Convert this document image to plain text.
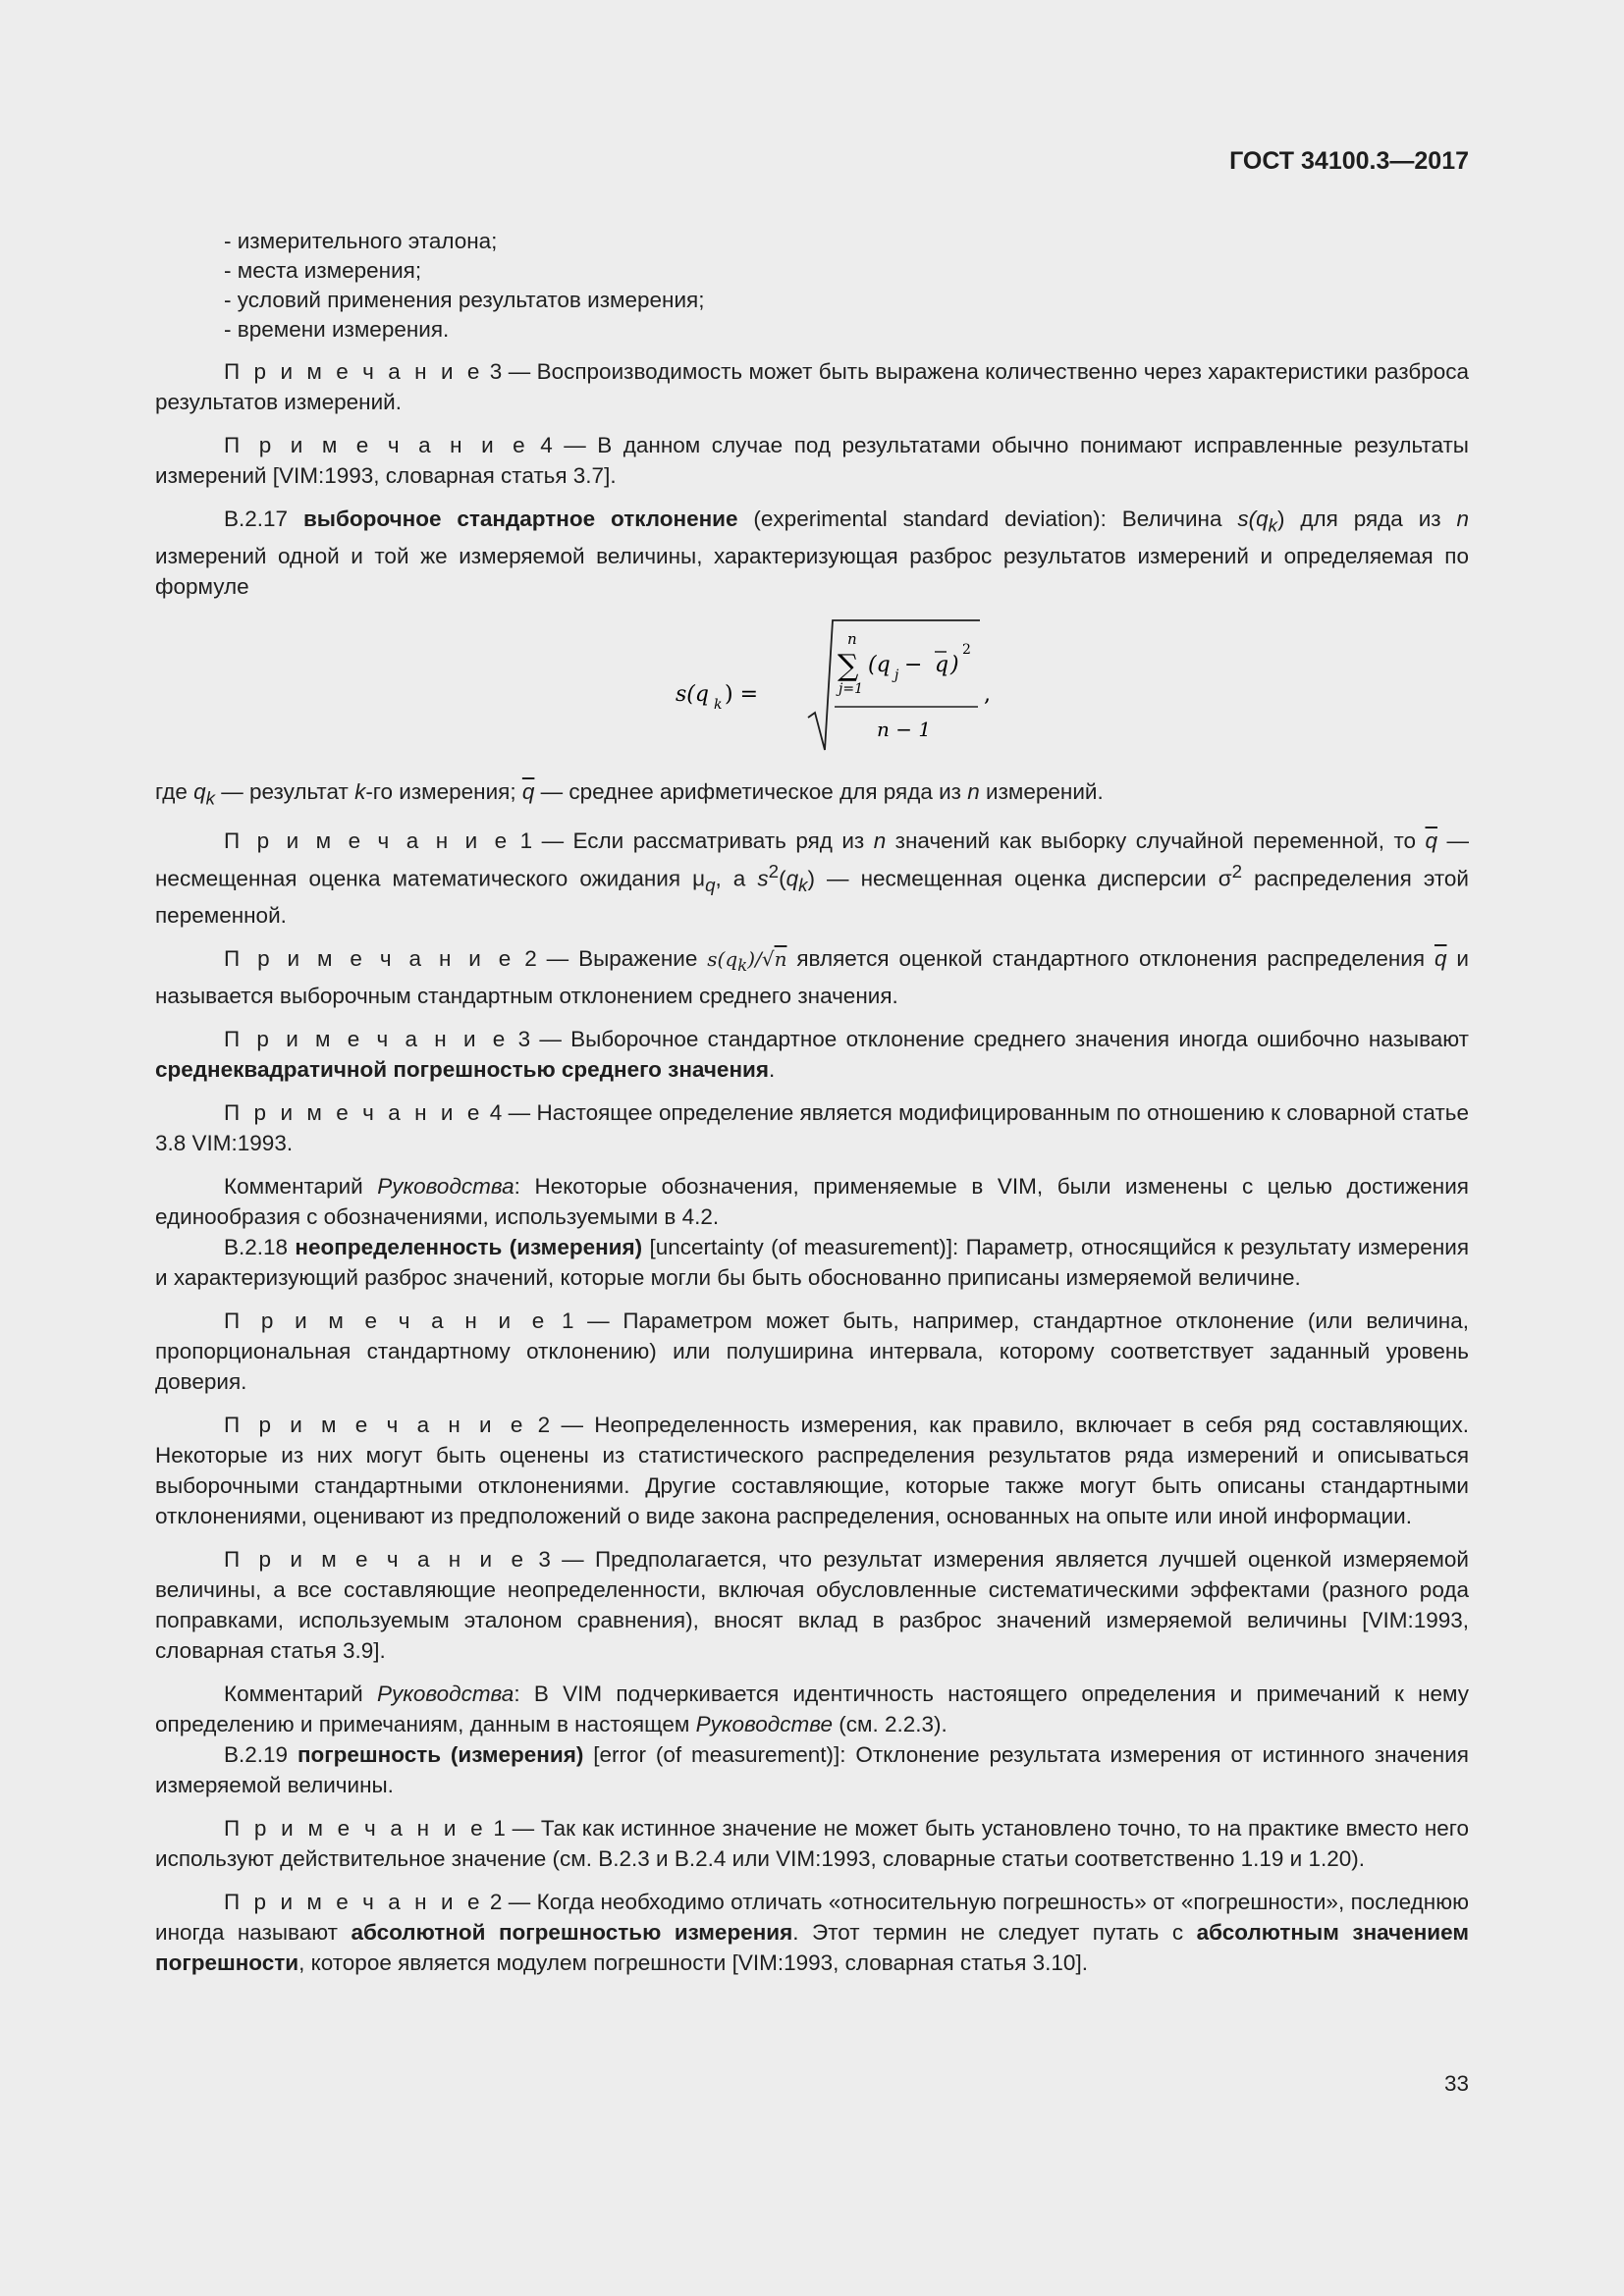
ГОСТ 34100.3—2017
- измерительного эталона;
- места измерения;
- условий применения результатов измерения;
- времени измерения.

П р и м е ч а н и е 3 — Воспроизводимость может быть выражена количественно через характеристики разброса результатов измерений.

П р и м е ч а н и е 4 — В данном случае под результатами обычно понимают исправленные результаты измерений [VIM:1993, словарная статья 3.7].

B.2.17 выборочное стандартное отклонение (experimental standard deviation): Величина $s(q_k)$ для ряда из n измерений одной и той же измеряемой величины, характеризующая разброс результатов измерений и определяемая по формуле

n
∑
j=1
(q j − q )
2
n − 1
s(q k ) =	,

где $q_k$ — результат k-го измерения; $\overline{q}$ — среднее арифметическое для ряда из n измерений.

П р и м е ч а н и е 1 — Если рассматривать ряд из n значений как выборку случайной переменной, то $\overline{q}$ — несмещенная оценка математического ожидания $\mu_q$, а $s^2(q_k)$ — несмещенная оценка дисперсии $\sigma^2$ распределения этой переменной.

П р и м е ч а н и е 2 — Выражение $s(q_k)/√n$ является оценкой стандартного отклонения распределения $\overline{q}$ и называется выборочным стандартным отклонением среднего значения.

П р и м е ч а н и е 3 — Выборочное стандартное отклонение среднего значения иногда ошибочно называют среднеквадратичной погрешностью среднего значения.

П р и м е ч а н и е 4 — Настоящее определение является модифицированным по отношению к словарной статье 3.8 VIM:1993.

Комментарий Руководства: Некоторые обозначения, применяемые в VIM, были изменены с целью достижения единообразия с обозначениями, используемыми в 4.2.

B.2.18 неопределенность (измерения) [uncertainty (of measurement)]: Параметр, относящийся к результату измерения и характеризующий разброс значений, которые могли бы быть обоснованно приписаны измеряемой величине.

П р и м е ч а н и е 1 — Параметром может быть, например, стандартное отклонение (или величина, пропорциональная стандартному отклонению) или полуширина интервала, которому соответствует заданный уровень доверия.

П р и м е ч а н и е 2 — Неопределенность измерения, как правило, включает в себя ряд составляющих. Некоторые из них могут быть оценены из статистического распределения результатов ряда измерений и описываться выборочными стандартными отклонениями. Другие составляющие, которые также могут быть описаны стандартными отклонениями, оценивают из предположений о виде закона распределения, основанных на опыте или иной информации.

П р и м е ч а н и е 3 — Предполагается, что результат измерения является лучшей оценкой измеряемой величины, а все составляющие неопределенности, включая обусловленные систематическими эффектами (разного рода поправками, используемым эталоном сравнения), вносят вклад в разброс значений измеряемой величины [VIM:1993, словарная статья 3.9].

Комментарий Руководства: В VIM подчеркивается идентичность настоящего определения и примечаний к нему определению и примечаниям, данным в настоящем Руководстве (см. 2.2.3).

B.2.19 погрешность (измерения) [error (of measurement)]: Отклонение результата измерения от истинного значения измеряемой величины.

П р и м е ч а н и е 1 — Так как истинное значение не может быть установлено точно, то на практике вместо него используют действительное значение (см. B.2.3 и B.2.4 или VIM:1993, словарные статьи соответственно 1.19 и 1.20).

П р и м е ч а н и е 2 — Когда необходимо отличать «относительную погрешность» от «погрешности», последнюю иногда называют абсолютной погрешностью измерения. Этот термин не следует путать с абсолютным значением погрешности, которое является модулем погрешности [VIM:1993, словарная статья 3.10].

33
